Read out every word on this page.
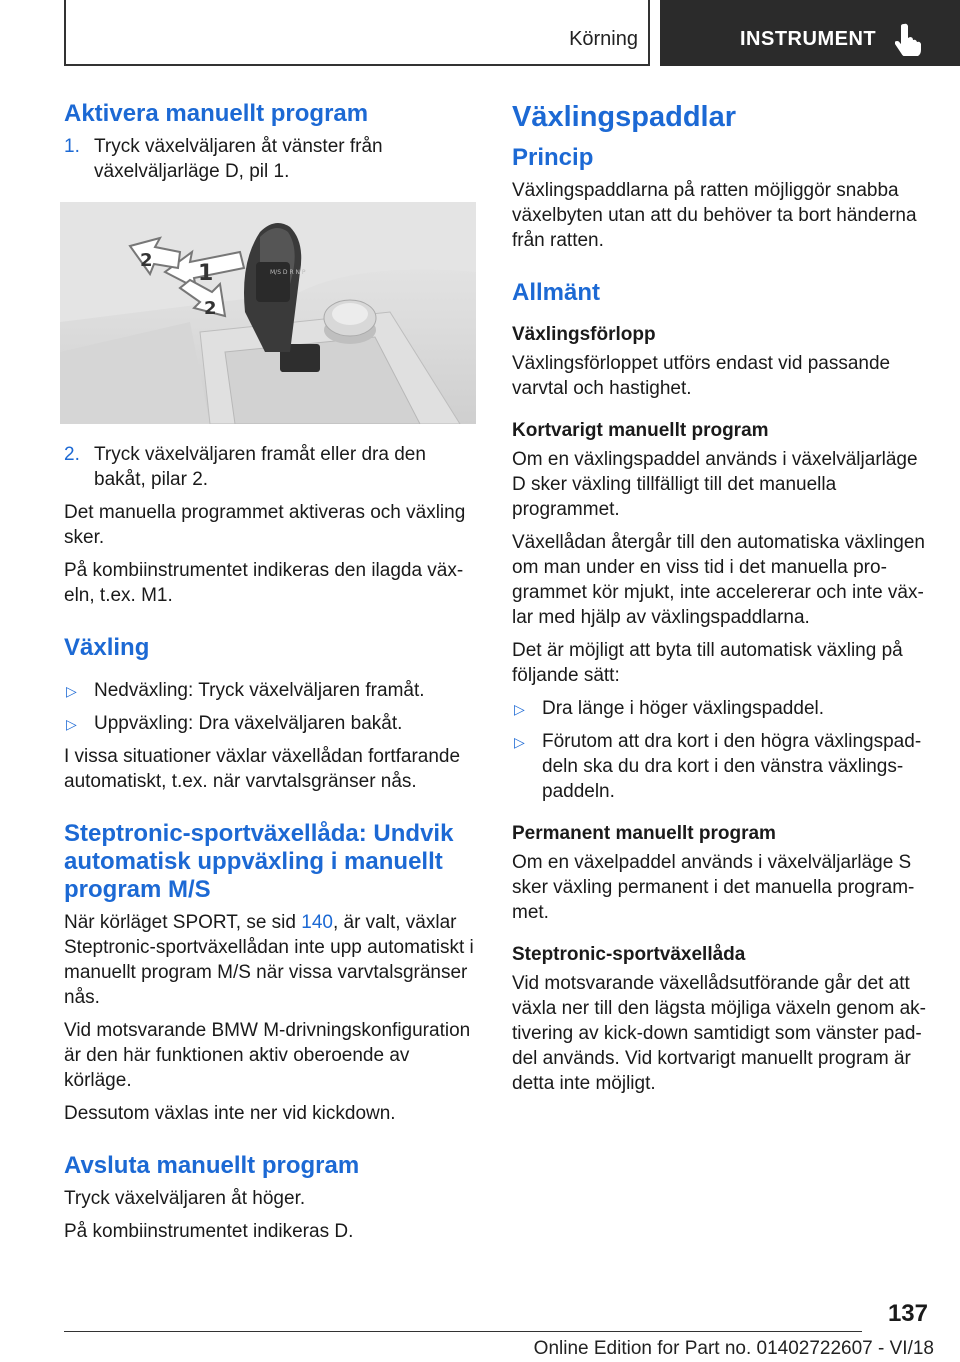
Körning	INSTRUMENT
Aktivera manuellt program
1. Tryck växelväljaren åt vänster från växelväljarläge D, pil 1.
M/S D R N P
1
2
2
2. Tryck växelväljaren framåt eller dra den bakåt, pilar 2.

Det manuella programmet aktiveras och växling sker.

På kombiinstrumentet indikeras den ilagda växeln, t.ex. M1.

Växling
▷ Nedväxling: Tryck växelväljaren framåt.
▷ Uppväxling: Dra växelväljaren bakåt.

I vissa situationer växlar växellådan fortfarande automatiskt, t.ex. när varvtalsgränser nås.

Steptronic-sportväxellåda: Undvik automatisk uppväxling i manuellt program M/S

När körläget SPORT, se sid 140, är valt, växlar Steptronic-sportväxellådan inte upp automatiskt i manuellt program M/S när vissa varvtalsgränser nås.

Vid motsvarande BMW M-drivningskonfiguration är den här funktionen aktiv oberoende av körläge.

Dessutom växlas inte ner vid kickdown.

Avsluta manuellt program

Tryck växelväljaren åt höger.

På kombiinstrumentet indikeras D.

Växlingspaddlar
Princip

Växlingspaddlarna på ratten möjliggör snabba växelbyten utan att du behöver ta bort händerna från ratten.

Allmänt
Växlingsförlopp

Växlingsförloppet utförs endast vid passande varvtal och hastighet.

Kortvarigt manuellt program

Om en växlingspaddel används i växelväljarläge D sker växling tillfälligt till det manuella programmet.

Växellådan återgår till den automatiska växlingen om man under en viss tid i det manuella programmet kör mjukt, inte accelererar och inte växlar med hjälp av växlingspaddlarna.

Det är möjligt att byta till automatisk växling på följande sätt:

▷ Dra länge i höger växlingspaddel.
▷ Förutom att dra kort i den högra växlingspaddeln ska du dra kort i den vänstra växlingspaddeln.
Permanent manuellt program

Om en växelpaddel används i växelväljarläge S sker växling permanent i det manuella programmet.

Steptronic-sportväxellåda

Vid motsvarande växellådsutförande går det att växla ner till den lägsta möjliga växeln genom aktivering av kick-down samtidigt som vänster paddel används. Vid kortvarigt manuellt program är detta inte möjligt.

137
Online Edition for Part no. 01402722607 - VI/18
